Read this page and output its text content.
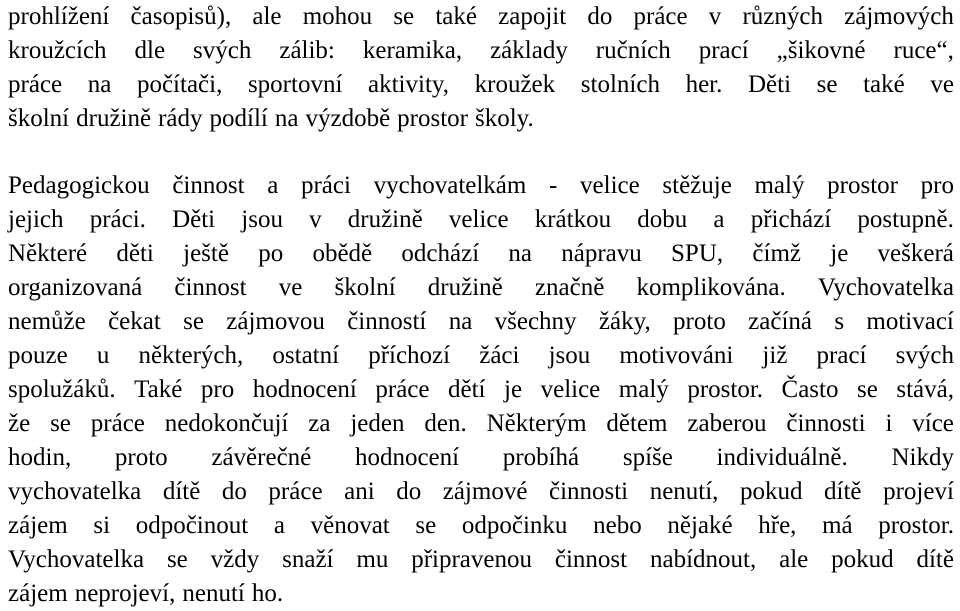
prohlížení časopisů), ale mohou se také zapojit do práce v různých zájmových
kroužcích dle svých zálib: keramika, základy ručních prací „šikovné ruce“,
práce na počítači, sportovní aktivity, kroužek stolních her. Děti se také ve
školní družině rády podílí na výzdobě prostor školy.
Pedagogickou činnost a práci vychovatelkám - velice stěžuje malý prostor pro
jejich práci. Děti jsou v družině velice krátkou dobu a přichází postupně.
Některé děti ještě po obědě odchází na nápravu SPU, čímž je veškerá
organizovaná činnost ve školní družině značně komplikována. Vychovatelka
nemůže čekat se zájmovou činností na všechny žáky, proto začíná s motivací
pouze u některých, ostatní příchozí žáci jsou motivováni již prací svých
spolužáků. Také pro hodnocení práce dětí je velice malý prostor. Často se stává,
že se práce nedokončují za jeden den. Některým dětem zaberou činnosti i více
hodin, proto závěrečné hodnocení probíhá spíše individuálně. Nikdy
vychovatelka dítě do práce ani do zájmové činnosti nenutí, pokud dítě projeví
zájem si odpočinout a věnovat se odpočinku nebo nějaké hře, má prostor.
Vychovatelka se vždy snaží mu připravenou činnost nabídnout, ale pokud dítě
zájem neprojeví, nenutí ho.
